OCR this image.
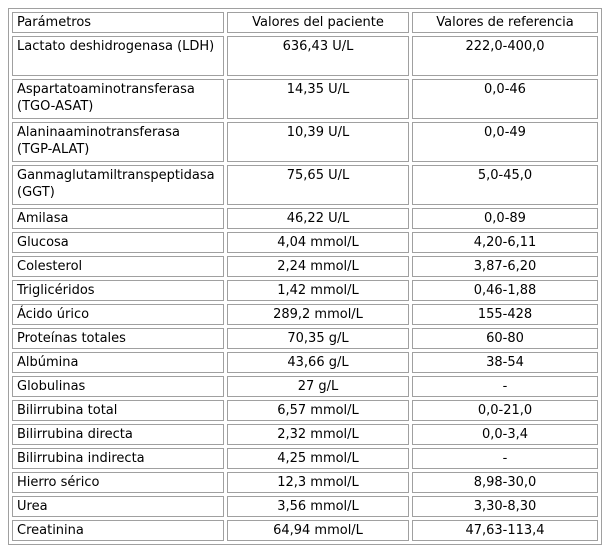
Parámetros	Valores del paciente	Valores de referencia
Lactato deshidrogenasa (LDH)	636,43 U/L	222,0-400,0
Aspartatoaminotransferasa (TGO-ASAT)	14,35 U/L	0,0-46
Alaninaaminotransferasa (TGP-ALAT)	10,39 U/L	0,0-49
Ganmaglutamiltranspeptidasa (GGT)	75,65 U/L	5,0-45,0
Amilasa	46,22 U/L	0,0-89
Glucosa	4,04 mmol/L	4,20-6,11
Colesterol	2,24 mmol/L	3,87-6,20
Triglicéridos	1,42 mmol/L	0,46-1,88
Ácido úrico	289,2 mmol/L	155-428
Proteínas totales	70,35 g/L	60-80
Albúmina	43,66 g/L	38-54
Globulinas	27 g/L	-
Bilirrubina total	6,57 mmol/L	0,0-21,0
Bilirrubina directa	2,32 mmol/L	0,0-3,4
Bilirrubina indirecta	4,25 mmol/L	-
Hierro sérico	12,3 mmol/L	8,98-30,0
Urea	3,56 mmol/L	3,30-8,30
Creatinina	64,94 mmol/L	47,63-113,4
